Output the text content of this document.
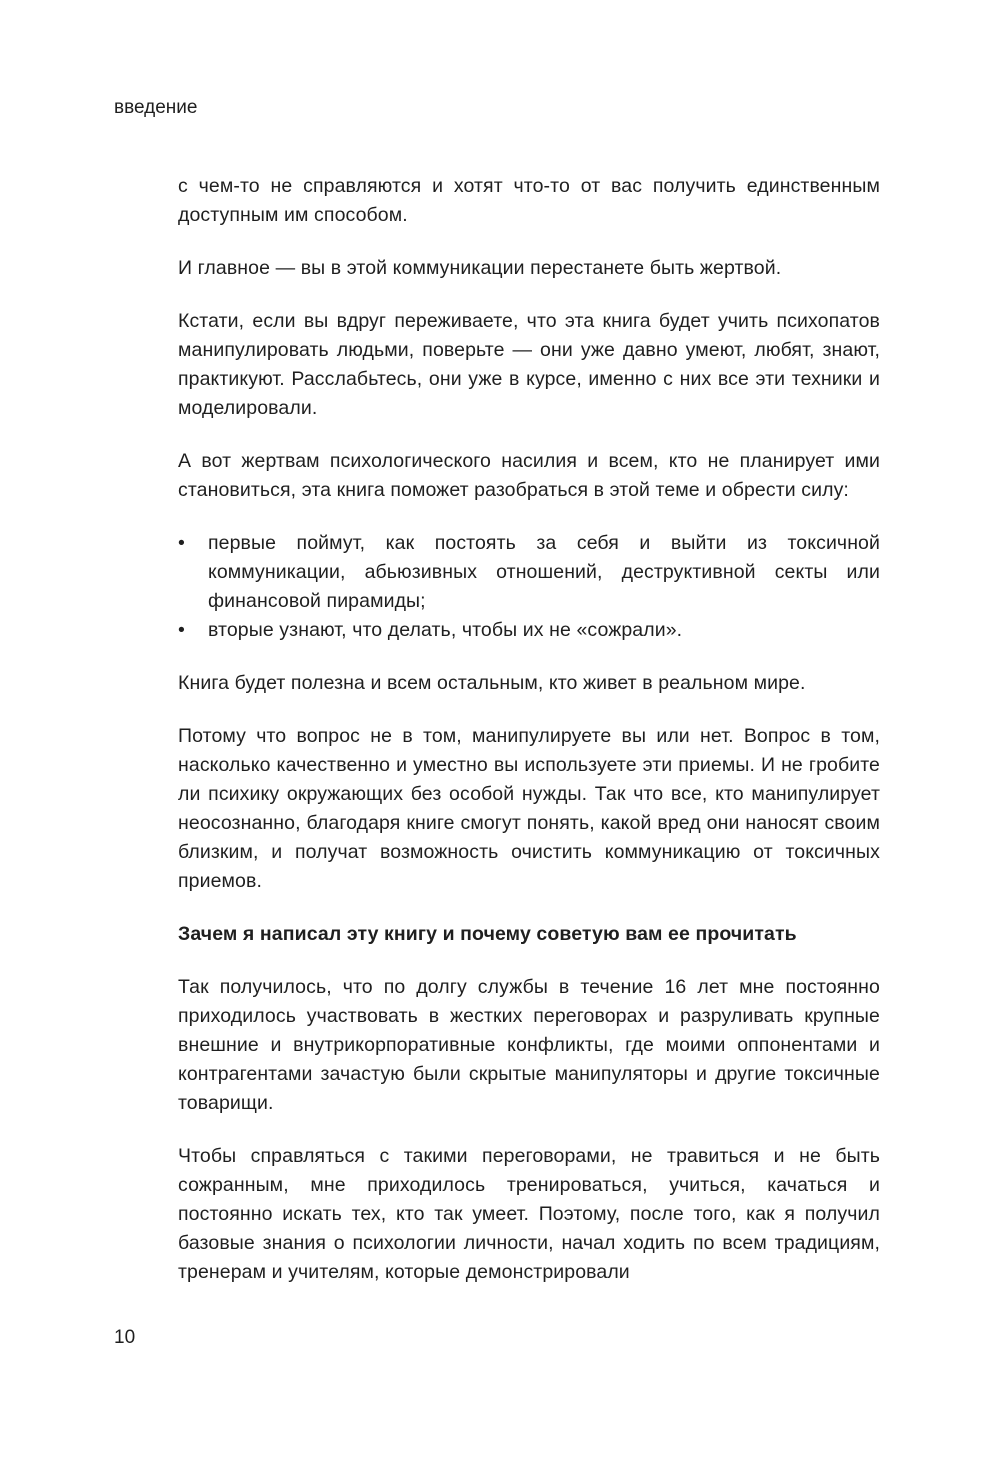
введение

с чем-то не справляются и хотят что-то от вас получить единственным доступным им способом.

И главное — вы в этой коммуникации перестанете быть жертвой.

Кстати, если вы вдруг переживаете, что эта книга будет учить психопатов манипулировать людьми, поверьте — они уже давно умеют, любят, знают, практикуют. Расслабьтесь, они уже в курсе, именно с них все эти техники и моделировали.

А вот жертвам психологического насилия и всем, кто не планирует ими становиться, эта книга поможет разобраться в этой теме и обрести силу:

•	первые поймут, как постоять за себя и выйти из токсичной коммуникации, абьюзивных отношений, деструктивной секты или финансовой пирамиды;
•	вторые узнают, что делать, чтобы их не «сожрали».

Книга будет полезна и всем остальным, кто живет в реальном мире.

Потому что вопрос не в том, манипулируете вы или нет. Вопрос в том, насколько качественно и уместно вы используете эти приемы. И не гробите ли психику окружающих без особой нужды. Так что все, кто манипулирует неосознанно, благодаря книге смогут понять, какой вред они наносят своим близким, и получат возможность очистить коммуникацию от токсичных приемов.

Зачем я написал эту книгу и почему советую вам ее прочитать

Так получилось, что по долгу службы в течение 16 лет мне постоянно приходилось участвовать в жестких переговорах и разруливать крупные внешние и внутрикорпоративные конфликты, где моими оппонентами и контрагентами зачастую были скрытые манипуляторы и другие токсичные товарищи.

Чтобы справляться с такими переговорами, не травиться и не быть сожранным, мне приходилось тренироваться, учиться, качаться и постоянно искать тех, кто так умеет. Поэтому, после того, как я получил базовые знания о психологии личности, начал ходить по всем традициям, тренерам и учителям, которые демонстрировали

10
